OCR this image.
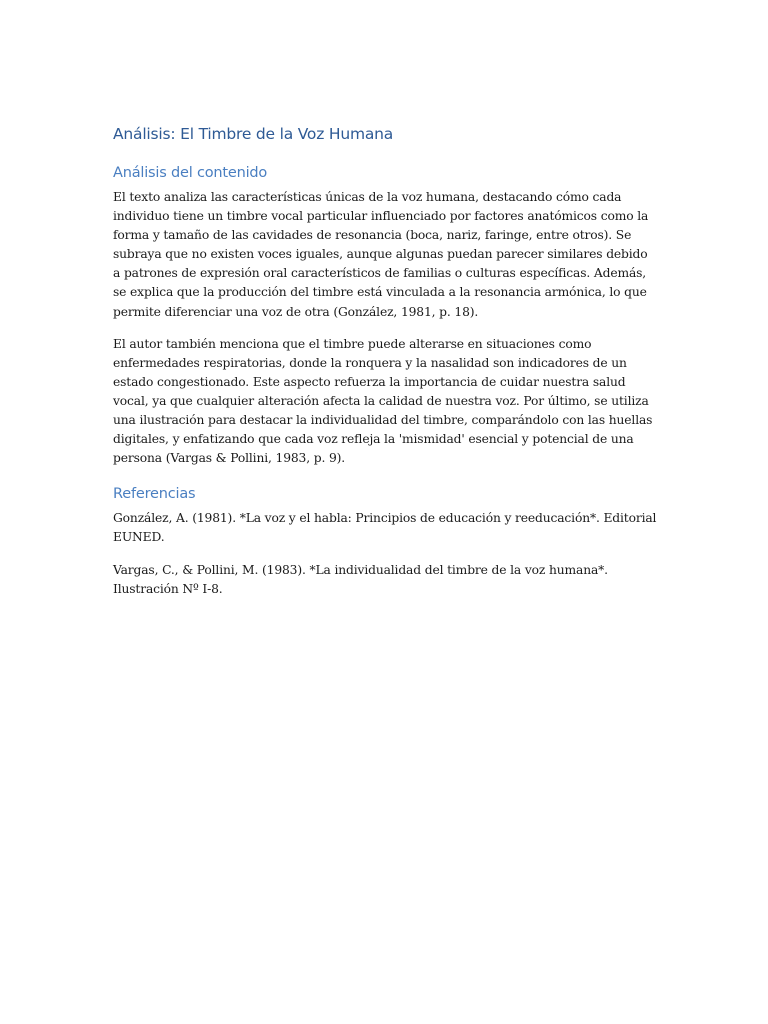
Análisis: El Timbre de la Voz Humana
Análisis del contenido

El texto analiza las características únicas de la voz humana, destacando cómo cada individuo tiene un timbre vocal particular influenciado por factores anatómicos como la forma y tamaño de las cavidades de resonancia (boca, nariz, faringe, entre otros). Se subraya que no existen voces iguales, aunque algunas puedan parecer similares debido a patrones de expresión oral característicos de familias o culturas específicas. Además, se explica que la producción del timbre está vinculada a la resonancia armónica, lo que permite diferenciar una voz de otra (González, 1981, p. 18).

El autor también menciona que el timbre puede alterarse en situaciones como enfermedades respiratorias, donde la ronquera y la nasalidad son indicadores de un estado congestionado. Este aspecto refuerza la importancia de cuidar nuestra salud vocal, ya que cualquier alteración afecta la calidad de nuestra voz. Por último, se utiliza una ilustración para destacar la individualidad del timbre, comparándolo con las huellas digitales, y enfatizando que cada voz refleja la 'mismidad' esencial y potencial de una persona (Vargas & Pollini, 1983, p. 9).

Referencias

González, A. (1981). *La voz y el habla: Principios de educación y reeducación*. Editorial EUNED.

Vargas, C., & Pollini, M. (1983). *La individualidad del timbre de la voz humana*. Ilustración Nº I-8.
